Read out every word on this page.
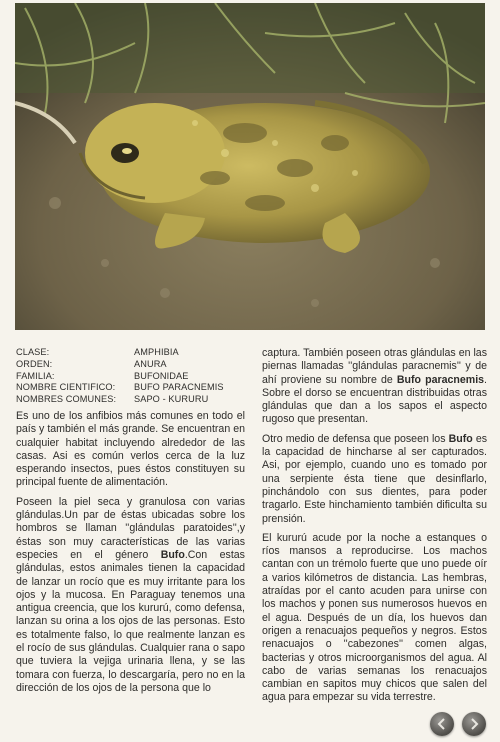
CLASE:	AMPHIBIA
ORDEN:	ANURA
FAMILIA:	BUFONIDAE
NOMBRE CIENTIFICO:	BUFO PARACNEMIS
NOMBRES COMUNES:	SAPO - KURURU

Es uno de los anfibios más comunes en todo el país y también el más grande. Se encuentran en cualquier habitat incluyendo alrededor de las casas. Asi es común verlos cerca de la luz esperando insectos, pues éstos constituyen su principal fuente de alimentación.

Poseen la piel seca y granulosa con varias glándulas.Un par de éstas ubicadas sobre los hombros se llaman ''glándulas paratoides'',y éstas son muy características de las varias especies en el género Bufo.Con estas glándulas, estos animales tienen la capacidad de lanzar un rocío que es muy irritante para los ojos y la mucosa. En Paraguay tenemos una antigua creencia, que los kururú, como defensa, lanzan su orina a los ojos de las personas. Esto es totalmente falso, lo que realmente lanzan es el rocío de sus glándulas. Cualquier rana o sapo que tuviera la vejiga urinaria llena, y se las tomara con fuerza, lo descargaría, pero no en la dirección de los ojos de la persona que lo

captura. También poseen otras glándulas en las piernas llamadas ''glándulas paracnemis'' y de ahí proviene su nombre de Bufo paracnemis. Sobre el dorso se encuentran distribuidas otras glándulas que dan a los sapos el aspecto rugoso que presentan.

Otro medio de defensa que poseen los Bufo es la capacidad de hincharse al ser capturados. Asi, por ejemplo, cuando uno es tomado por una serpiente ésta tiene que desinflarlo, pinchándolo con sus dientes, para poder tragarlo. Este hinchamiento también dificulta su prensión.

El kururú acude por la noche a estanques o ríos mansos a reproducirse. Los machos cantan con un trémolo fuerte que uno puede oír a varios kilómetros de distancia. Las hembras, atraídas por el canto acuden para unirse con los machos y ponen sus numerosos huevos en el agua. Después de un día, los huevos dan origen a renacuajos pequeños y negros. Estos renacuajos o ''cabezones'' comen algas, bacterias y otros microorganismos del agua. Al cabo de varias semanas los renacuajos cambian en sapitos muy chicos que salen del agua para empezar su vida terrestre.
